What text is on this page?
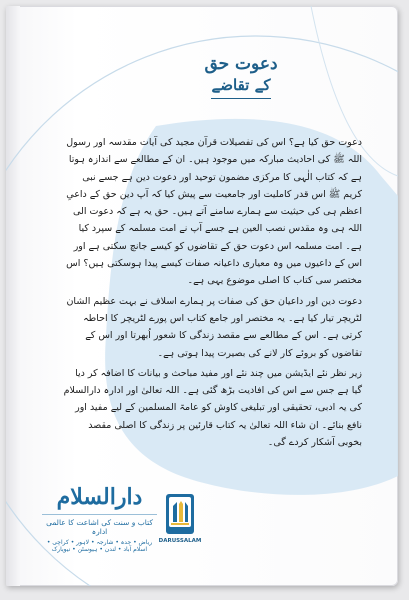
دعوت حق
کے تقاضے

دعوت حق کیا ہے؟ اس کی تفصیلات قرآن مجید کی آیات مقدسہ اور رسول اللہ ﷺ کی احادیث مبارکہ میں موجود ہیں۔ ان کے مطالعے سے اندازہ ہوتا ہے کہ کتاب الٰہی کا مرکزی مضمون توحید اور دعوت دین ہے جسے نبی کریم ﷺ اس قدر کاملیت اور جامعیت سے پیش کیا کہ آپ دین حق کے داعیِ اعظم ہی کی حیثیت سے ہمارے سامنے آتے ہیں۔ حق یہ ہے کہ دعوت الی اللہ ہی وہ مقدس نصب العین ہے جسے آپ نے امت مسلمہ کے سپرد کیا ہے۔ امت مسلمہ اس دعوت حق کے تقاضوں کو کیسے جانچ سکتی ہے اور اس کے داعیوں میں وہ معیاری داعیانہ صفات کیسے پیدا ہوسکتی ہیں؟ اس مختصر سی کتاب کا اصلی موضوع یہی ہے۔

دعوت دین اور داعیان حق کی صفات پر ہمارے اسلاف نے بہت عظیم الشان لٹریچر تیار کیا ہے۔ یہ مختصر اور جامع کتاب اس پورے لٹریچر کا احاطہ کرتی ہے۔ اس کے مطالعے سے مقصد زندگی کا شعور اُبھرتا اور اس کے تقاضوں کو بروئے کار لانے کی بصیرت پیدا ہوتی ہے۔

زیر نظر نئے ایڈیشن میں چند نئے اور مفید مباحث و بیانات کا اضافہ کر دیا گیا ہے جس سے اس کی افادیت بڑھ گئی ہے۔ اللہ تعالیٰ اور ادارہ دارالسلام کی یہ ادبی، تحقیقی اور تبلیغی کاوش کو عامۃ المسلمین کے لیے مفید اور نافع بنائے۔ ان شاء اللہ تعالیٰ یہ کتاب قارئین پر زندگی کا اصلی مقصد بخوبی آشکار کردے گی۔

دارالسلام
کتاب و سنت کی اشاعت کا عالمی ادارہ
ریاض • جدہ • شارجہ • لاہور • کراچی • اسلام آباد • لندن • ہیوسٹن • نیویارک
DARUSSALAM
